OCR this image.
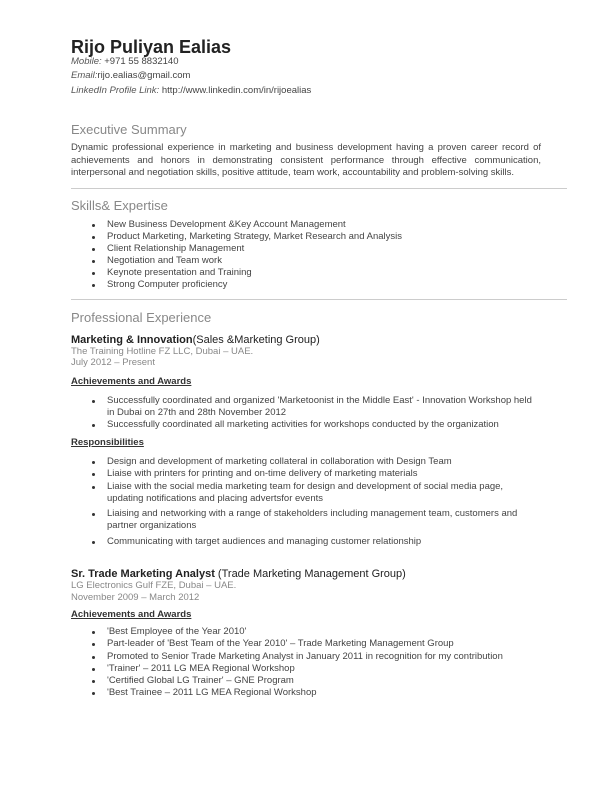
Rijo Puliyan Ealias
Mobile: +971 55 8832140
Email:rijo.ealias@gmail.com
LinkedIn Profile Link: http://www.linkedin.com/in/rijoealias
Executive Summary
Dynamic professional experience in marketing and business development having a proven career record of achievements and honors in demonstrating consistent performance through effective communication, interpersonal and negotiation skills, positive attitude, team work, accountability and problem-solving skills.
Skills& Expertise
New Business Development &Key Account Management
Product Marketing, Marketing Strategy, Market Research and Analysis
Client Relationship Management
Negotiation and Team work
Keynote presentation and Training
Strong Computer proficiency
Professional Experience
Marketing & Innovation(Sales &Marketing Group)
The Training Hotline FZ LLC, Dubai – UAE.
July 2012 – Present
Achievements and Awards
Successfully coordinated and organized 'Marketoonist in the Middle East' - Innovation Workshop held in Dubai on 27th and 28th November 2012
Successfully coordinated all marketing activities for workshops conducted by the organization
Responsibilities
Design and development of marketing collateral in collaboration with Design Team
Liaise with printers for printing and on-time delivery of marketing materials
Liaise with the social media marketing team for design and development of social media page, updating notifications and placing advertsfor events
Liaising and networking with a range of stakeholders including management team, customers and partner organizations
Communicating with target audiences and managing customer relationship
Sr. Trade Marketing Analyst (Trade Marketing Management Group)
LG Electronics Gulf FZE, Dubai – UAE.
November 2009 – March 2012
Achievements and Awards
'Best Employee of the Year 2010'
Part-leader of 'Best Team of the Year 2010' – Trade Marketing Management Group
Promoted to Senior Trade Marketing Analyst in January 2011 in recognition for my contribution
'Trainer' – 2011 LG MEA Regional Workshop
'Certified Global LG Trainer' – GNE Program
'Best Trainee – 2011 LG MEA Regional Workshop
